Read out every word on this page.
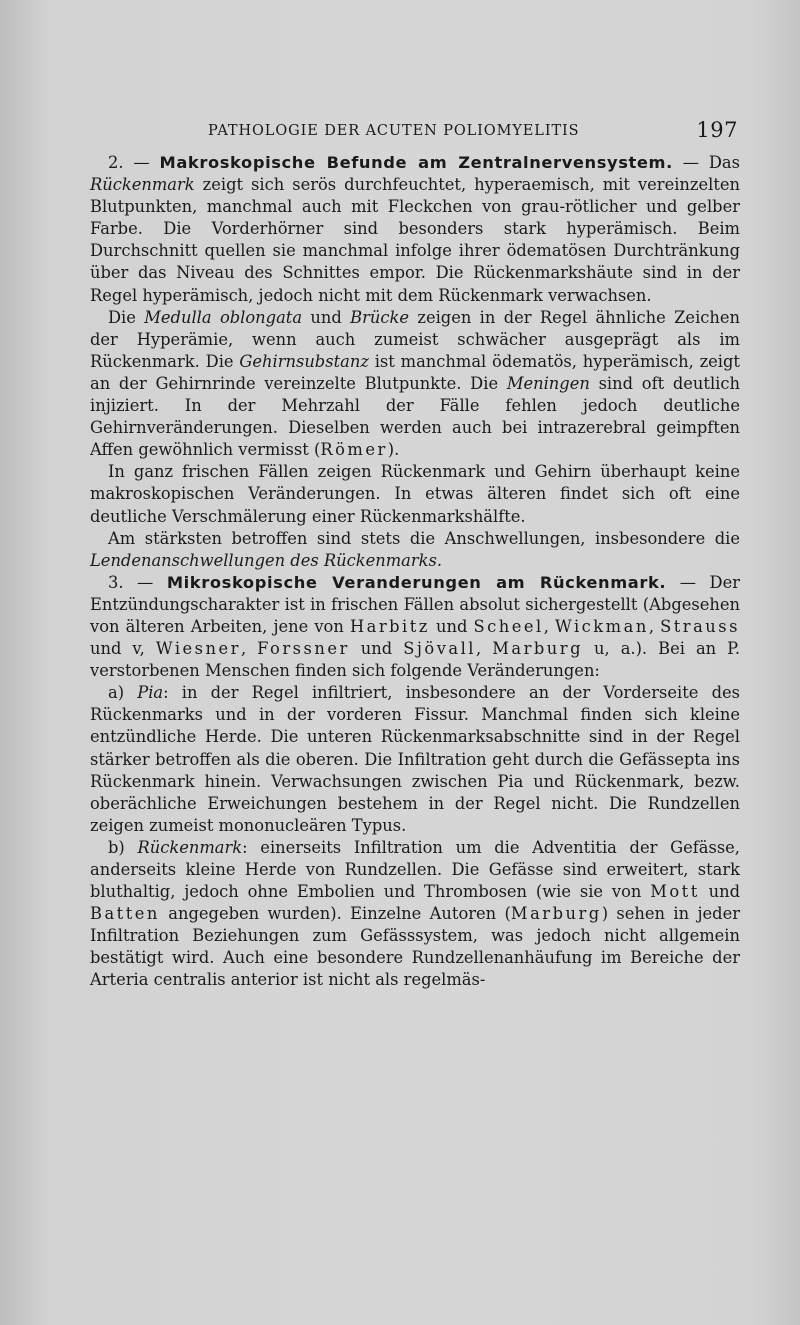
PATHOLOGIE DER ACUTEN POLIOMYELITIS	197

2. — Makroskopische Befunde am Zentralnervensystem. — Das Rückenmark zeigt sich serös durchfeuchtet, hyperaemisch, mit vereinzelten Blutpunkten, manchmal auch mit Fleckchen von grau-rötlicher und gelber Farbe. Die Vorderhörner sind besonders stark hyperämisch. Beim Durchschnitt quellen sie manchmal infolge ihrer ödematösen Durchtränkung über das Niveau des Schnittes empor. Die Rückenmarkshäute sind in der Regel hyperämisch, jedoch nicht mit dem Rückenmark verwachsen.

Die Medulla oblongata und Brücke zeigen in der Regel ähnliche Zeichen der Hyperämie, wenn auch zumeist schwächer ausgeprägt als im Rückenmark. Die Gehirnsubstanz ist manchmal ödematös, hyperämisch, zeigt an der Gehirnrinde vereinzelte Blutpunkte. Die Meningen sind oft deutlich injiziert. In der Mehrzahl der Fälle fehlen jedoch deutliche Gehirnveränderungen. Dieselben werden auch bei intrazerebral geimpften Affen gewöhnlich vermisst (Römer).

In ganz frischen Fällen zeigen Rückenmark und Gehirn überhaupt keine makroskopischen Veränderungen. In etwas älteren findet sich oft eine deutliche Verschmälerung einer Rückenmarkshälfte.

Am stärksten betroffen sind stets die Anschwellungen, insbesondere die Lendenanschwellungen des Rückenmarks.

3. — Mikroskopische Veranderungen am Rückenmark. — Der Entzündungscharakter ist in frischen Fällen absolut sichergestellt (Abgesehen von älteren Arbeiten, jene von Harbitz und Scheel, Wickman, Strauss und v, Wiesner, Forssner und Sjövall, Marburg u, a.). Bei an P. verstorbenen Menschen finden sich folgende Veränderungen:

a) Pia: in der Regel infiltriert, insbesondere an der Vorderseite des Rückenmarks und in der vorderen Fissur. Manchmal finden sich kleine entzündliche Herde. Die unteren Rückenmarksabschnitte sind in der Regel stärker betroffen als die oberen. Die Infiltration geht durch die Gefässepta ins Rückenmark hinein. Verwachsungen zwischen Pia und Rückenmark, bezw. oberächliche Erweichungen bestehem in der Regel nicht. Die Rundzellen zeigen zumeist mononucleären Typus.

b) Rückenmark: einerseits Infiltration um die Adventitia der Gefässe, anderseits kleine Herde von Rundzellen. Die Gefässe sind erweitert, stark bluthaltig, jedoch ohne Embolien und Thrombosen (wie sie von Mott und Batten angegeben wurden). Einzelne Autoren (Marburg) sehen in jeder Infiltration Beziehungen zum Gefässsystem, was jedoch nicht allgemein bestätigt wird. Auch eine besondere Rundzellenanhäufung im Bereiche der Arteria centralis anterior ist nicht als regelmäs-
